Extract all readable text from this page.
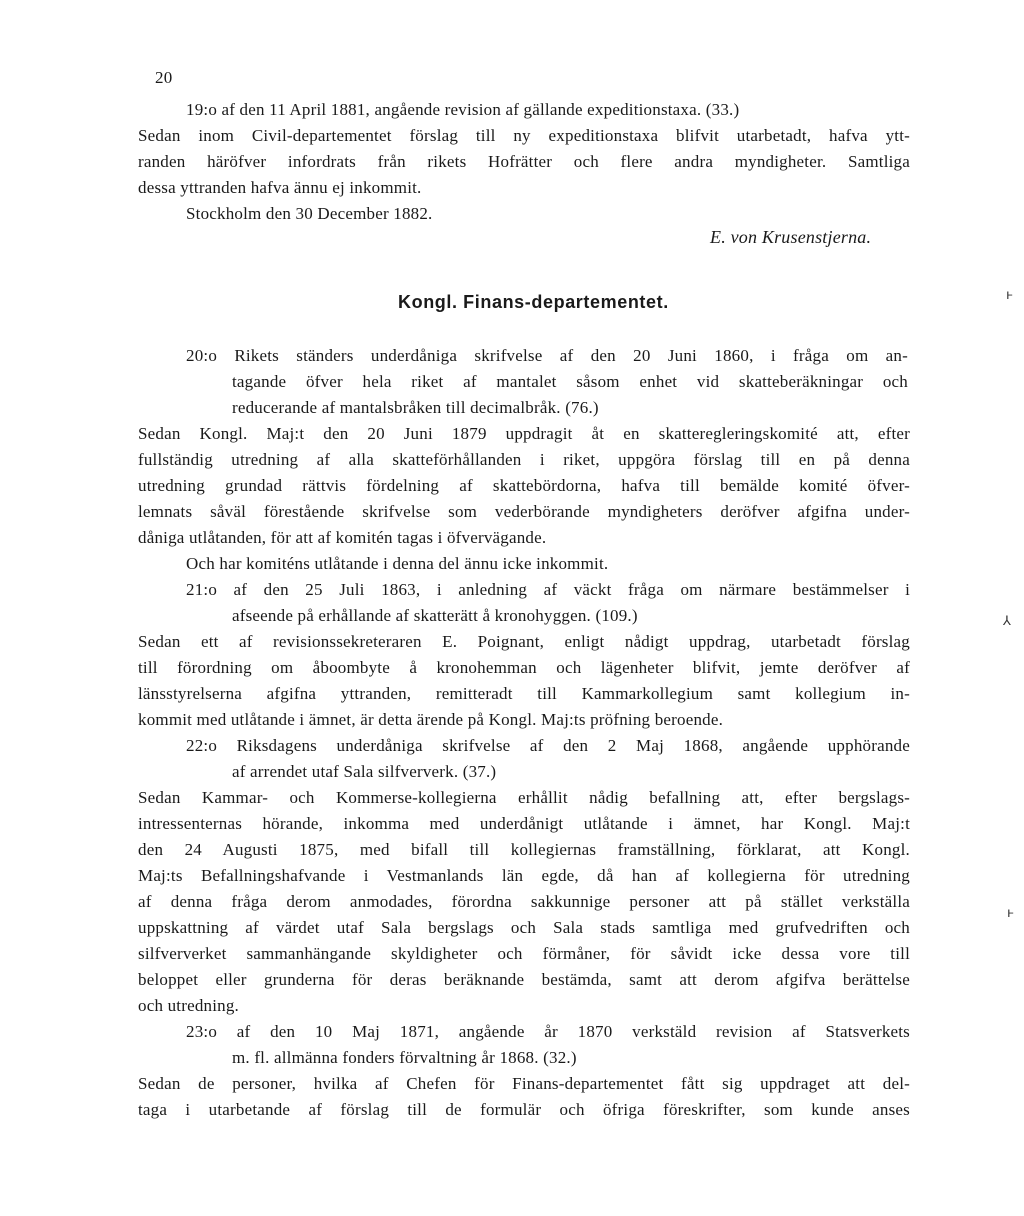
20
19:o af den 11 April 1881, angående revision af gällande expeditionstaxa. (33.)
Sedan inom Civil-departementet förslag till ny expeditionstaxa blifvit utarbetadt, hafva ytt-
randen häröfver infordrats från rikets Hofrätter och flere andra myndigheter. Samtliga
dessa yttranden hafva ännu ej inkommit.
Stockholm den 30 December 1882.
E. von Krusenstjerna.
Kongl. Finans-departementet.
20:o Rikets ständers underdåniga skrifvelse af den 20 Juni 1860, i fråga om an-
tagande öfver hela riket af mantalet såsom enhet vid skatteberäkningar och
reducerande af mantalsbråken till decimalbråk. (76.)
Sedan Kongl. Maj:t den 20 Juni 1879 uppdragit åt en skatteregleringskomité att, efter
fullständig utredning af alla skatteförhållanden i riket, uppgöra förslag till en på denna
utredning grundad rättvis fördelning af skattebördorna, hafva till bemälde komité öfver-
lemnats såväl förestående skrifvelse som vederbörande myndigheters deröfver afgifna under-
dåniga utlåtanden, för att af komitén tagas i öfvervägande.
Och har komiténs utlåtande i denna del ännu icke inkommit.
21:o af den 25 Juli 1863, i anledning af väckt fråga om närmare bestämmelser i
afseende på erhållande af skatterätt å kronohyggen. (109.)
Sedan ett af revisionssekreteraren E. Poignant, enligt nådigt uppdrag, utarbetadt förslag
till förordning om åboombyte å kronohemman och lägenheter blifvit, jemte deröfver af
länsstyrelserna afgifna yttranden, remitteradt till Kammarkollegium samt kollegium in-
kommit med utlåtande i ämnet, är detta ärende på Kongl. Maj:ts pröfning beroende.
22:o Riksdagens underdåniga skrifvelse af den 2 Maj 1868, angående upphörande
af arrendet utaf Sala silfververk. (37.)
Sedan Kammar- och Kommerse-kollegierna erhållit nådig befallning att, efter bergslags-
intressenternas hörande, inkomma med underdånigt utlåtande i ämnet, har Kongl. Maj:t
den 24 Augusti 1875, med bifall till kollegiernas framställning, förklarat, att Kongl.
Maj:ts Befallningshafvande i Vestmanlands län egde, då han af kollegierna för utredning
af denna fråga derom anmodades, förordna sakkunnige personer att på stället verkställa
uppskattning af värdet utaf Sala bergslags och Sala stads samtliga med grufvedriften och
silfververket sammanhängande skyldigheter och förmåner, för såvidt icke dessa vore till
beloppet eller grunderna för deras beräknande bestämda, samt att derom afgifva berättelse
och utredning.
23:o af den 10 Maj 1871, angående år 1870 verkstäld revision af Statsverkets
m. fl. allmänna fonders förvaltning år 1868. (32.)
Sedan de personer, hvilka af Chefen för Finans-departementet fått sig uppdraget att del-
taga i utarbetande af förslag till de formulär och öfriga föreskrifter, som kunde anses
ⱶ
⅄
ⱶ
